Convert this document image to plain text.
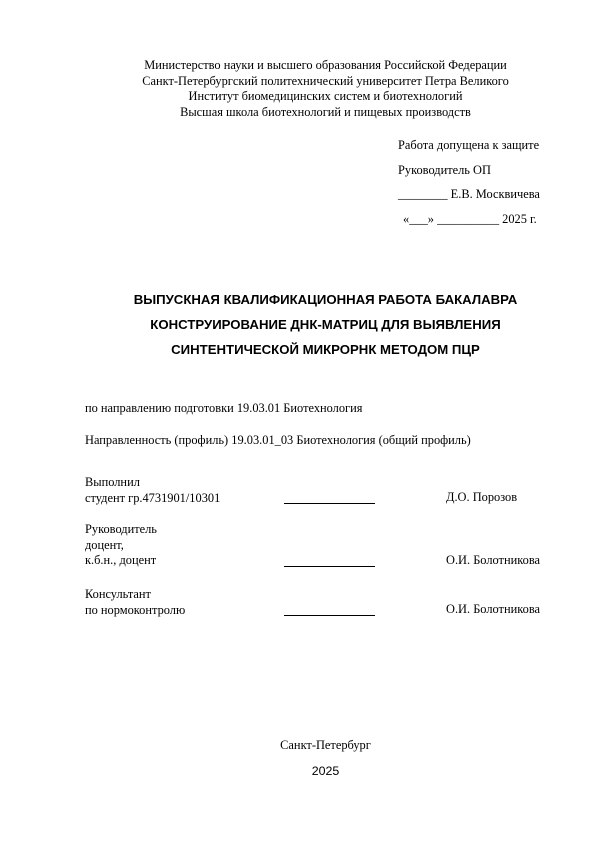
Министерство науки и высшего образования Российской Федерации
Санкт-Петербургский политехнический университет Петра Великого
Институт биомедицинских систем и биотехнологий
Высшая школа биотехнологий и пищевых производств
Работа допущена к защите
Руководитель ОП
________ Е.В. Москвичева
«___» __________ 2025 г.
ВЫПУСКНАЯ КВАЛИФИКАЦИОННАЯ РАБОТА БАКАЛАВРА
КОНСТРУИРОВАНИЕ ДНК-МАТРИЦ ДЛЯ ВЫЯВЛЕНИЯ
СИНТЕНТИЧЕСКОЙ МИКРОРНК МЕТОДОМ ПЦР
по направлению подготовки 19.03.01 Биотехнология
Направленность (профиль) 19.03.01_03 Биотехнология (общий профиль)
Выполнил
студент гр.4731901/10301	Д.О. Порозов
Руководитель
доцент,
к.б.н., доцент	О.И. Болотникова
Консультант
по нормоконтролю	О.И. Болотникова
Санкт-Петербург
2025
